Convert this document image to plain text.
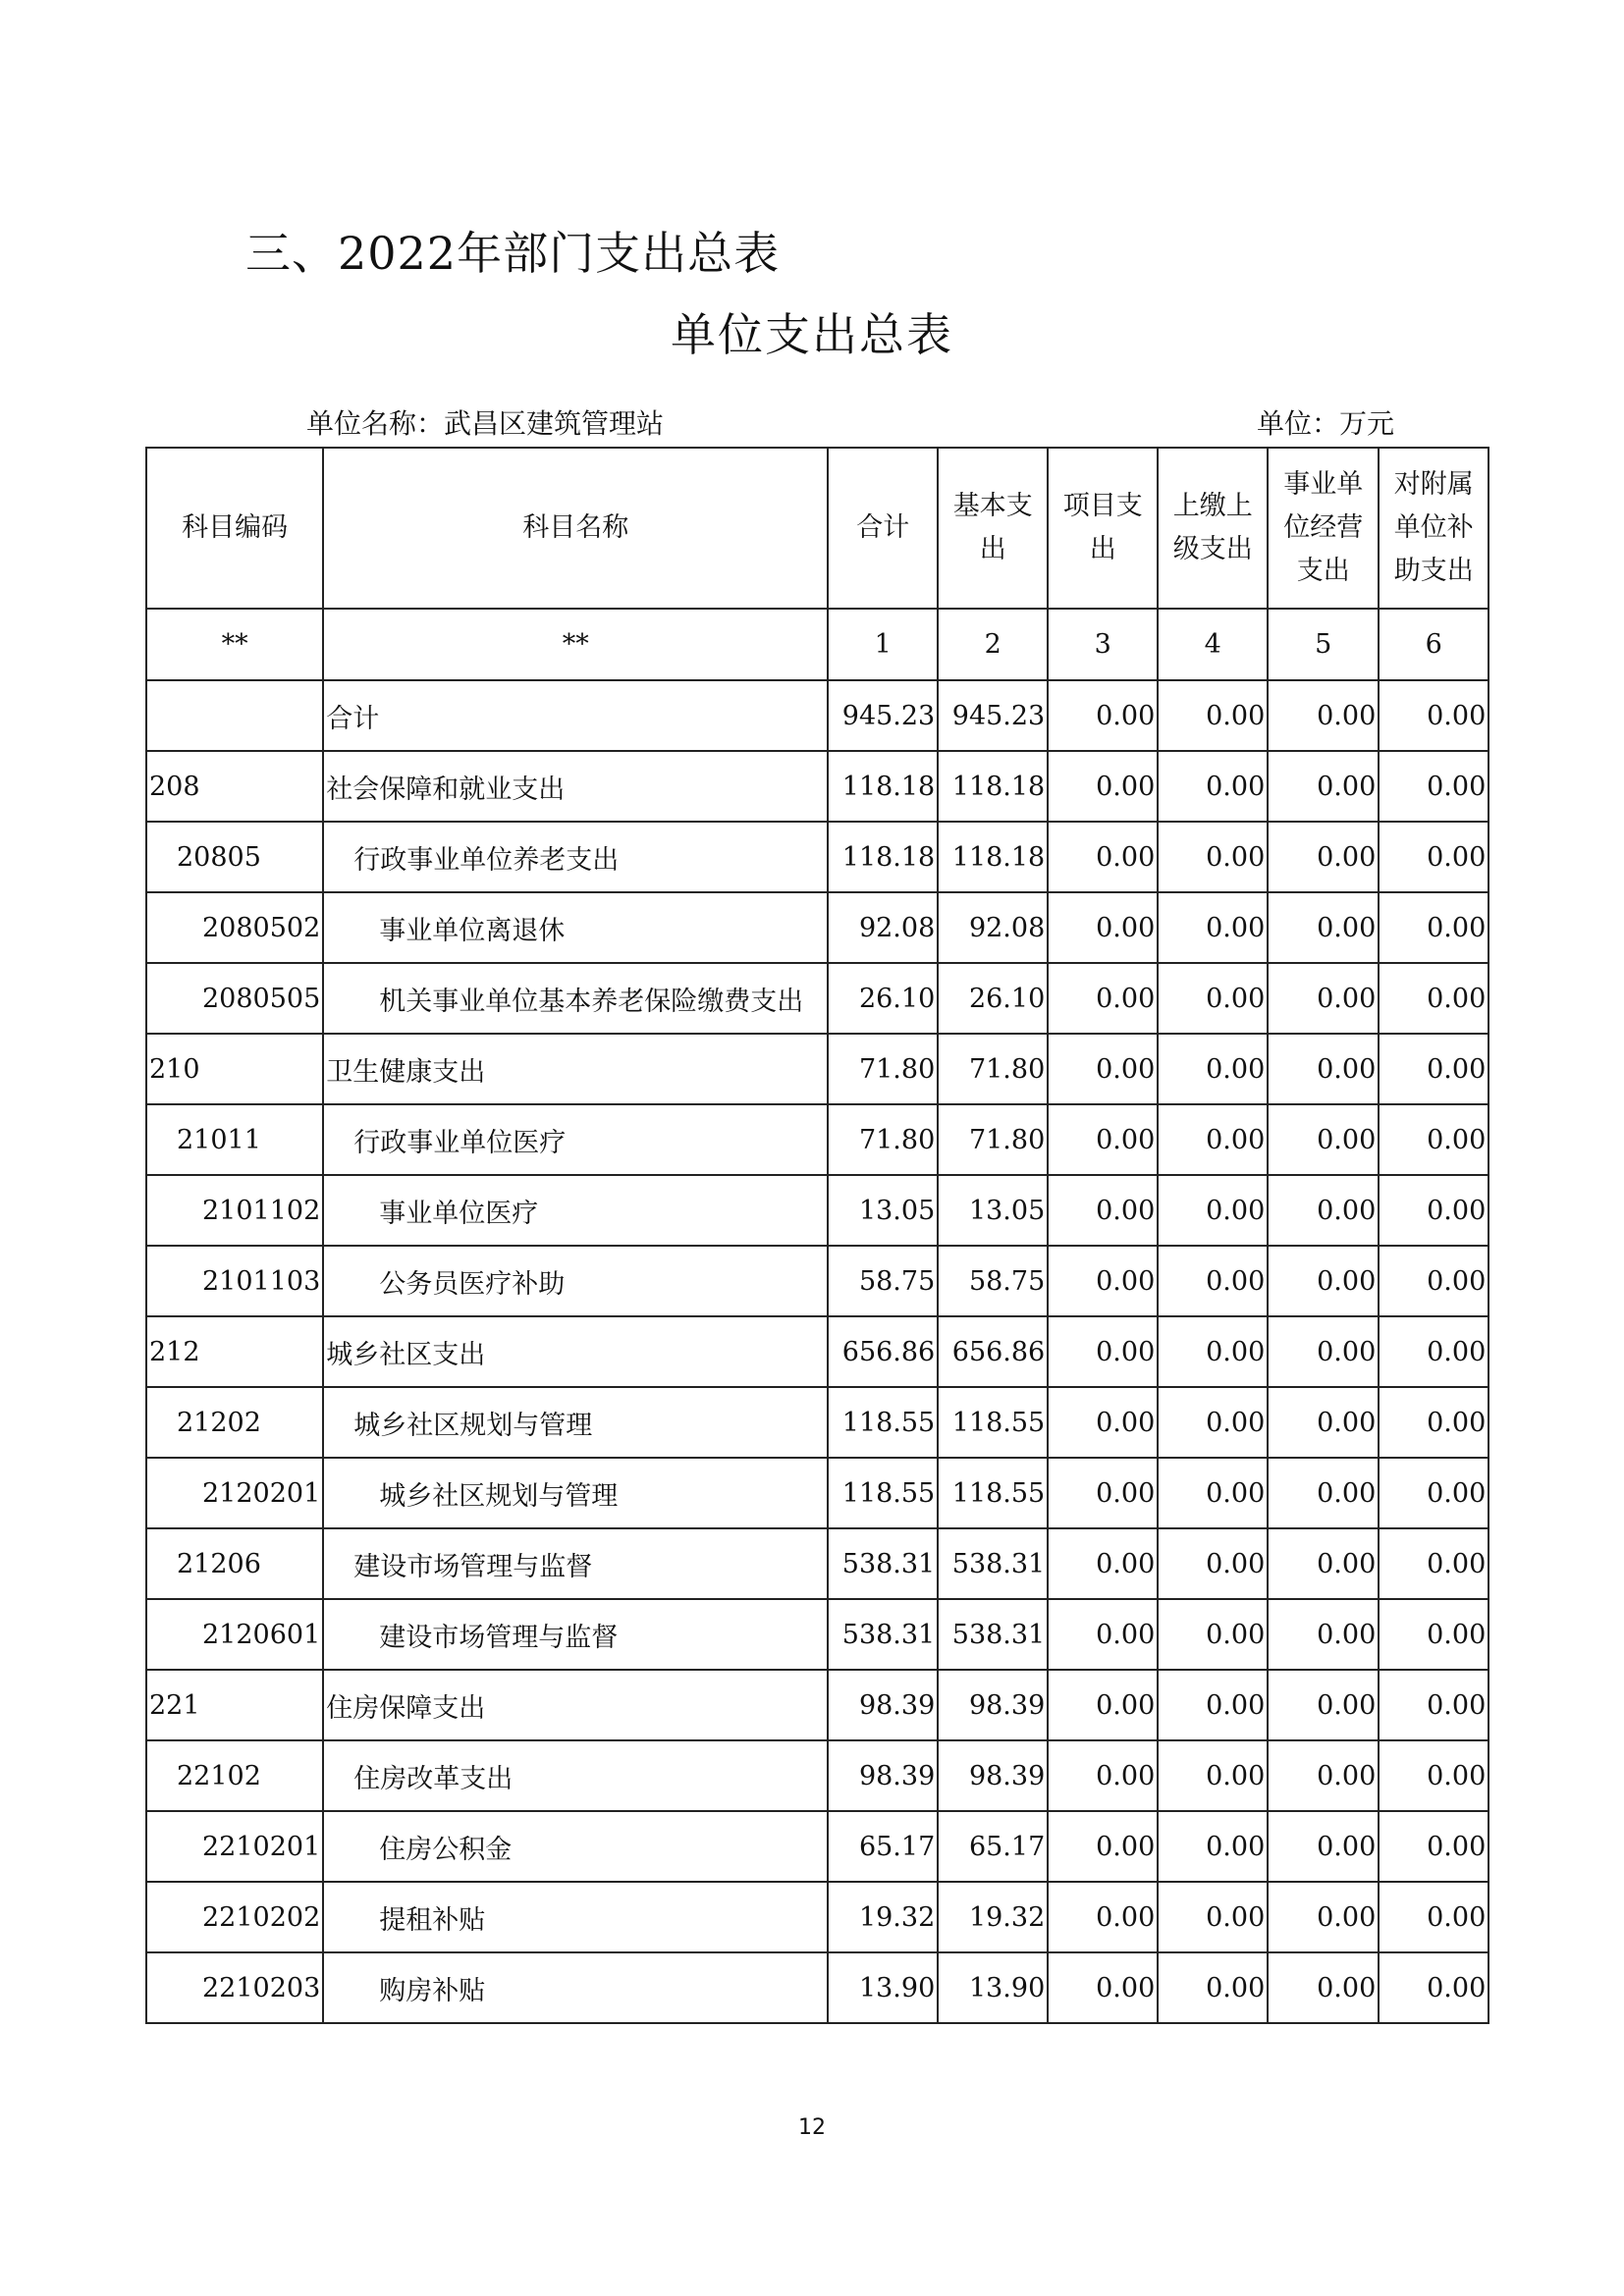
三、2022年部门支出总表
单位支出总表
单位名称：武昌区建筑管理站	单位：万元
科目编码	科目名称	合计	基本支出	项目支出	上缴上级支出	事业单位经营支出	对附属单位补助支出
**	**	1	2	3	4	5	6
	合计	945.23	945.23	0.00	0.00	0.00	0.00
208	社会保障和就业支出	118.18	118.18	0.00	0.00	0.00	0.00
20805	行政事业单位养老支出	118.18	118.18	0.00	0.00	0.00	0.00
2080502	事业单位离退休	92.08	92.08	0.00	0.00	0.00	0.00
2080505	机关事业单位基本养老保险缴费支出	26.10	26.10	0.00	0.00	0.00	0.00
210	卫生健康支出	71.80	71.80	0.00	0.00	0.00	0.00
21011	行政事业单位医疗	71.80	71.80	0.00	0.00	0.00	0.00
2101102	事业单位医疗	13.05	13.05	0.00	0.00	0.00	0.00
2101103	公务员医疗补助	58.75	58.75	0.00	0.00	0.00	0.00
212	城乡社区支出	656.86	656.86	0.00	0.00	0.00	0.00
21202	城乡社区规划与管理	118.55	118.55	0.00	0.00	0.00	0.00
2120201	城乡社区规划与管理	118.55	118.55	0.00	0.00	0.00	0.00
21206	建设市场管理与监督	538.31	538.31	0.00	0.00	0.00	0.00
2120601	建设市场管理与监督	538.31	538.31	0.00	0.00	0.00	0.00
221	住房保障支出	98.39	98.39	0.00	0.00	0.00	0.00
22102	住房改革支出	98.39	98.39	0.00	0.00	0.00	0.00
2210201	住房公积金	65.17	65.17	0.00	0.00	0.00	0.00
2210202	提租补贴	19.32	19.32	0.00	0.00	0.00	0.00
2210203	购房补贴	13.90	13.90	0.00	0.00	0.00	0.00
12
